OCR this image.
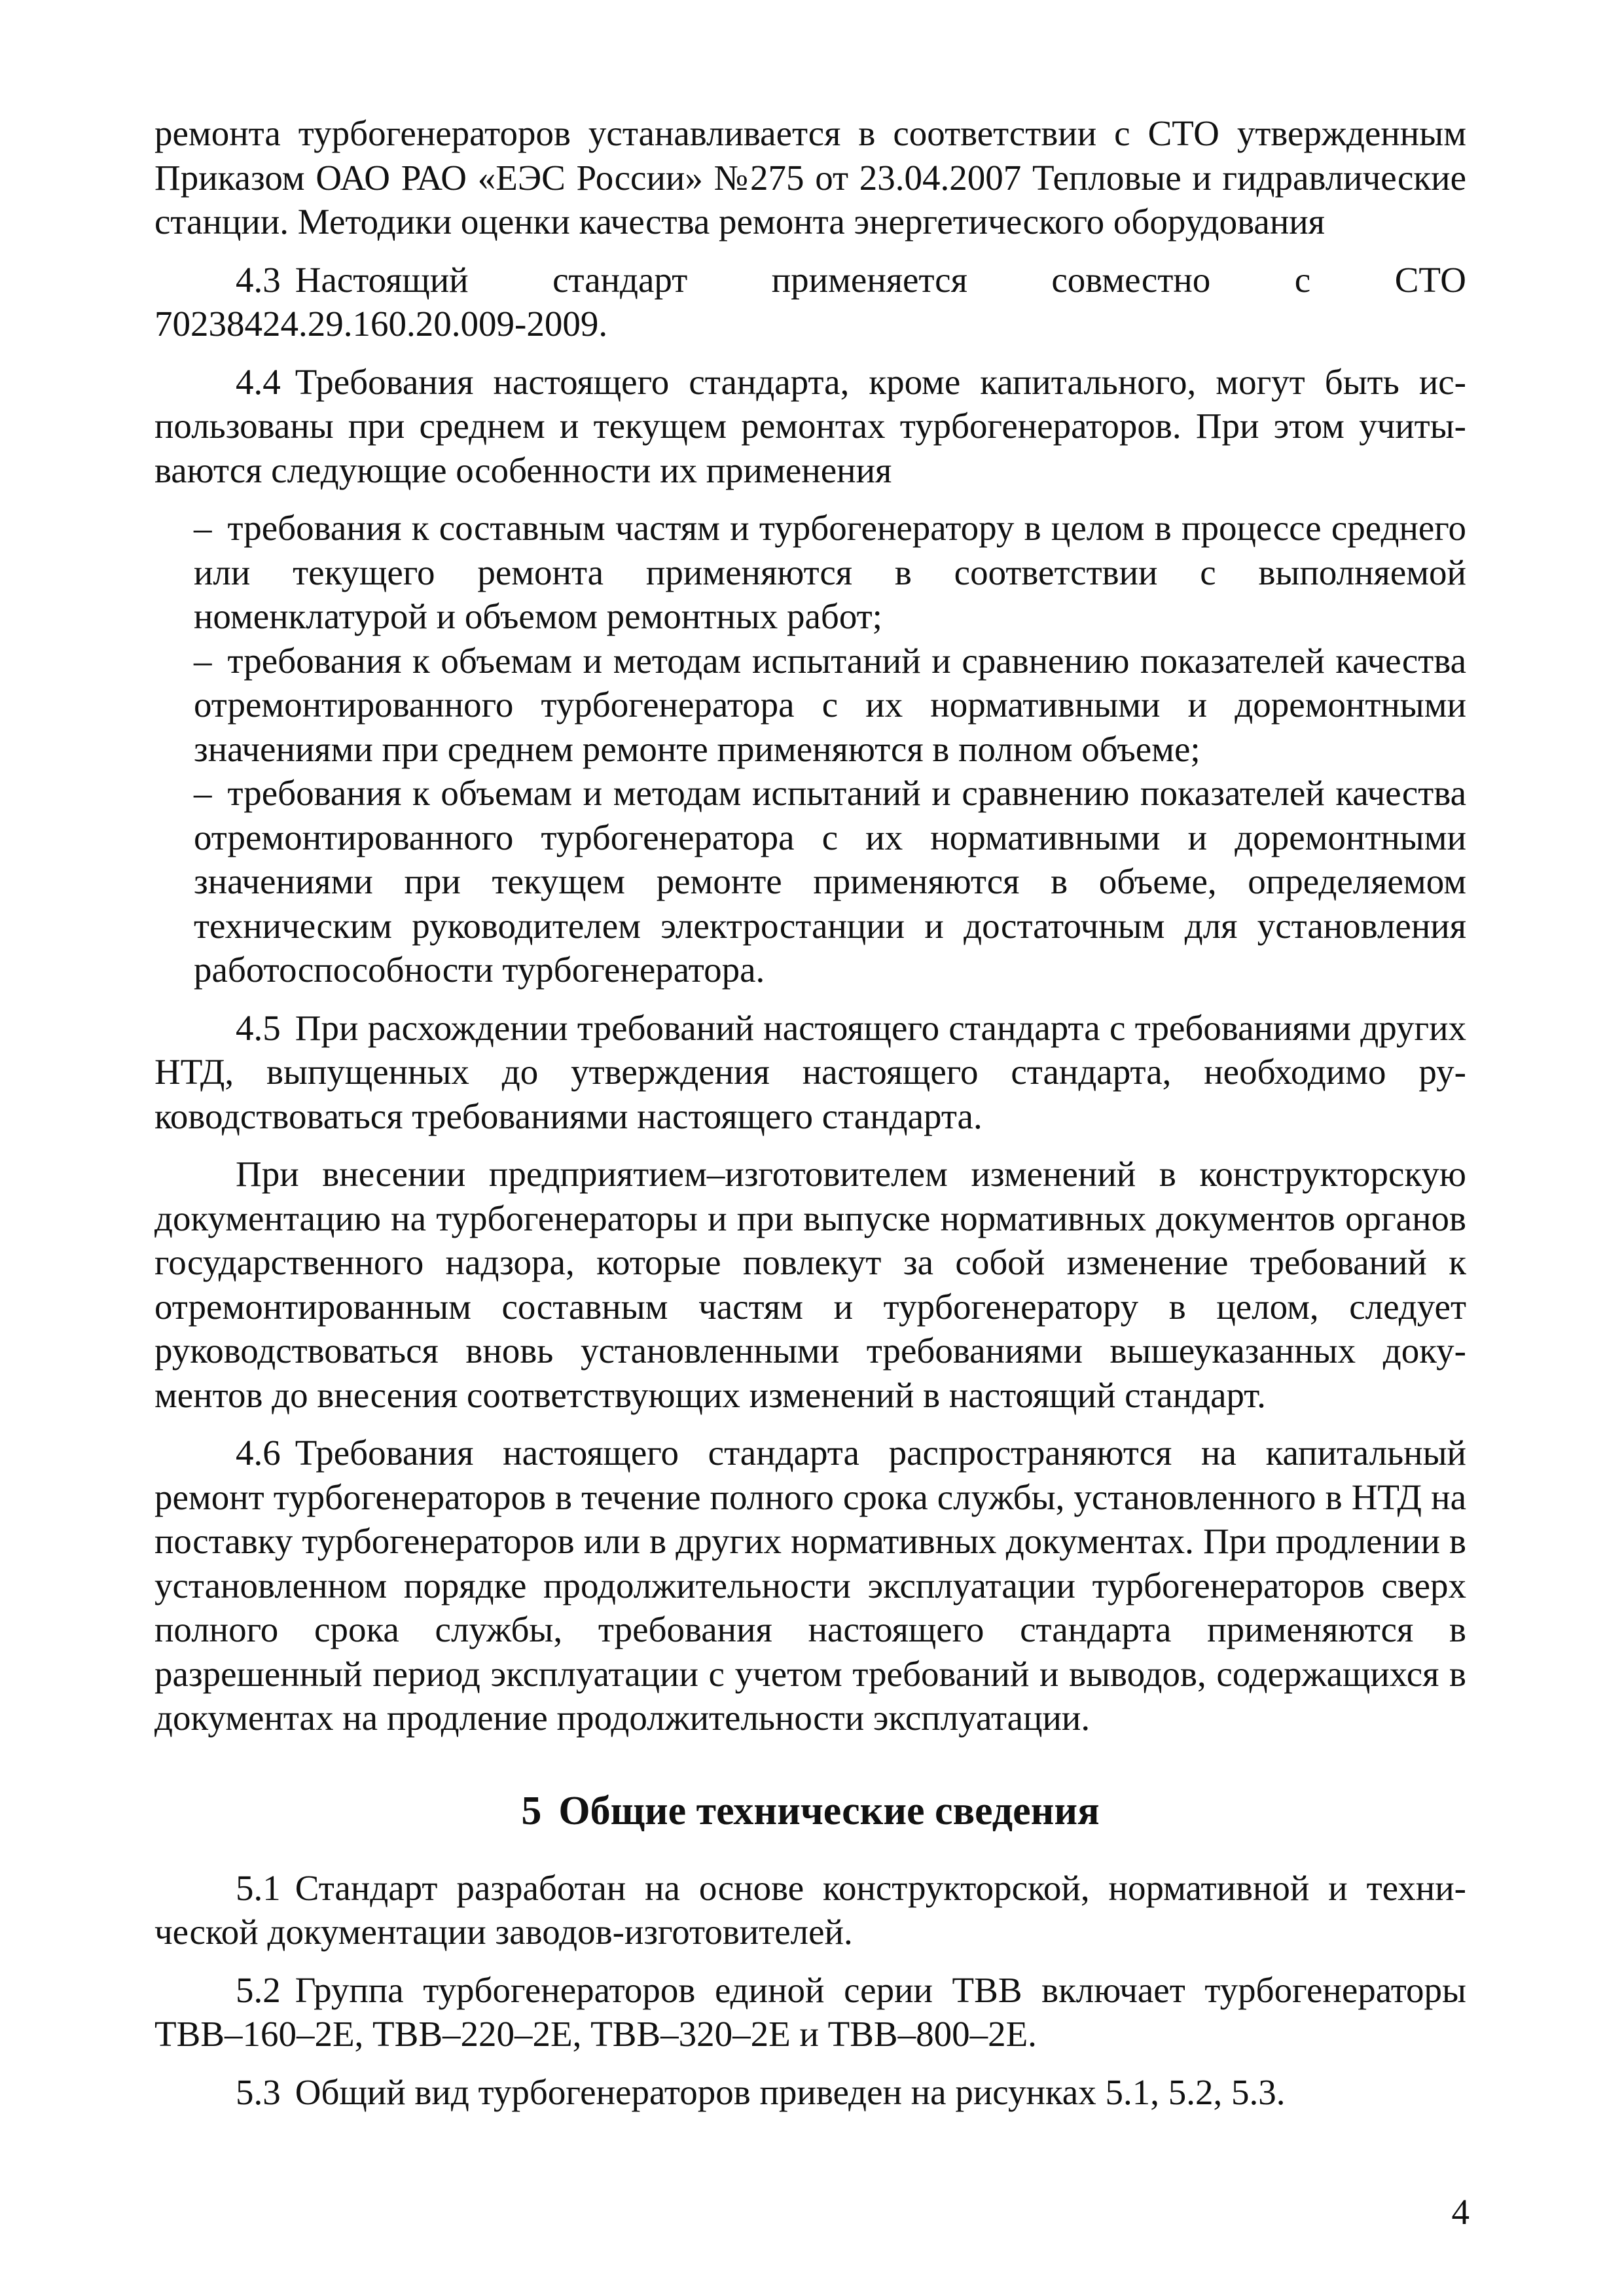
ремонта турбогенераторов устанавливается в соответствии с СТО утвержденным Приказом ОАО РАО «ЕЭС России» №275 от 23.04.2007 Тепловые и гидравлические станции. Методики оценки качества ремонта энергетического оборудования

4.3 Настоящий стандарт применяется совместно с СТО 70238424.29.160.20.009-2009.

4.4 Требования настоящего стандарта, кроме капитального, могут быть использованы при среднем и текущем ремонтах турбогенераторов. При этом учитываются следующие особенности их применения

– требования к составным частям и турбогенератору в целом в процессе среднего или текущего ремонта применяются в соответствии с выполняемой номенклатурой и объемом ремонтных работ;
– требования к объемам и методам испытаний и сравнению показателей качества отремонтированного турбогенератора с их нормативными и доремонтными значениями при среднем ремонте применяются в полном объеме;
– требования к объемам и методам испытаний и сравнению показателей качества отремонтированного турбогенератора с их нормативными и доремонтными значениями при текущем ремонте применяются в объеме, определяемом техническим руководителем электростанции и достаточным для установления работоспособности турбогенератора.

4.5 При расхождении требований настоящего стандарта с требованиями других НТД, выпущенных до утверждения настоящего стандарта, необходимо руководствоваться требованиями настоящего стандарта.

При внесении предприятием–изготовителем изменений в конструкторскую документацию на турбогенераторы и при выпуске нормативных документов органов государственного надзора, которые повлекут за собой изменение требований к отремонтированным составным частям и турбогенератору в целом, следует руководствоваться вновь установленными требованиями вышеуказанных документов до внесения соответствующих изменений в настоящий стандарт.

4.6 Требования настоящего стандарта распространяются на капитальный ремонт турбогенераторов в течение полного срока службы, установленного в НТД на поставку турбогенераторов или в других нормативных документах. При продлении в установленном порядке продолжительности эксплуатации турбогенераторов сверх полного срока службы, требования настоящего стандарта применяются в разрешенный период эксплуатации с учетом требований и выводов, содержащихся в документах на продление продолжительности эксплуатации.

5 Общие технические сведения

5.1 Стандарт разработан на основе конструкторской, нормативной и технической документации заводов-изготовителей.

5.2 Группа турбогенераторов единой серии ТВВ включает турбогенераторы ТВВ–160–2Е, ТВВ–220–2Е, ТВВ–320–2Е и ТВВ–800–2Е.

5.3 Общий вид турбогенераторов приведен на рисунках 5.1, 5.2, 5.3.

4
